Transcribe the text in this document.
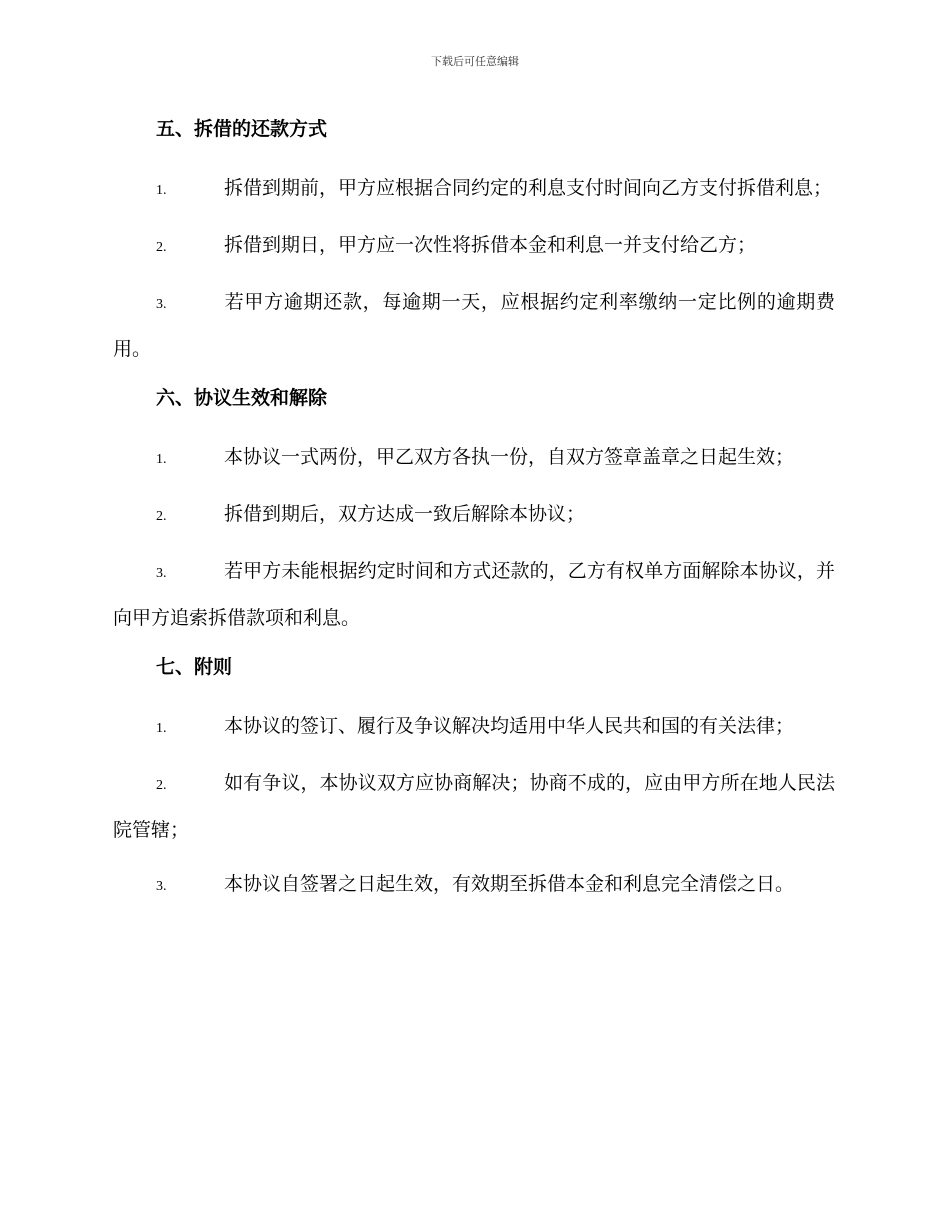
下载后可任意编辑
五、拆借的还款方式

1.	拆借到期前，甲方应根据合同约定的利息支付时间向乙方支付拆借利息；

2.	拆借到期日，甲方应一次性将拆借本金和利息一并支付给乙方；

3.	若甲方逾期还款，每逾期一天，应根据约定利率缴纳一定比例的逾期费用。

六、协议生效和解除

1.	本协议一式两份，甲乙双方各执一份，自双方签章盖章之日起生效；

2.	拆借到期后，双方达成一致后解除本协议；

3.	若甲方未能根据约定时间和方式还款的，乙方有权单方面解除本协议，并向甲方追索拆借款项和利息。

七、附则

1.	本协议的签订、履行及争议解决均适用中华人民共和国的有关法律；

2.	如有争议，本协议双方应协商解决；协商不成的，应由甲方所在地人民法院管辖；

3.	本协议自签署之日起生效，有效期至拆借本金和利息完全清偿之日。
